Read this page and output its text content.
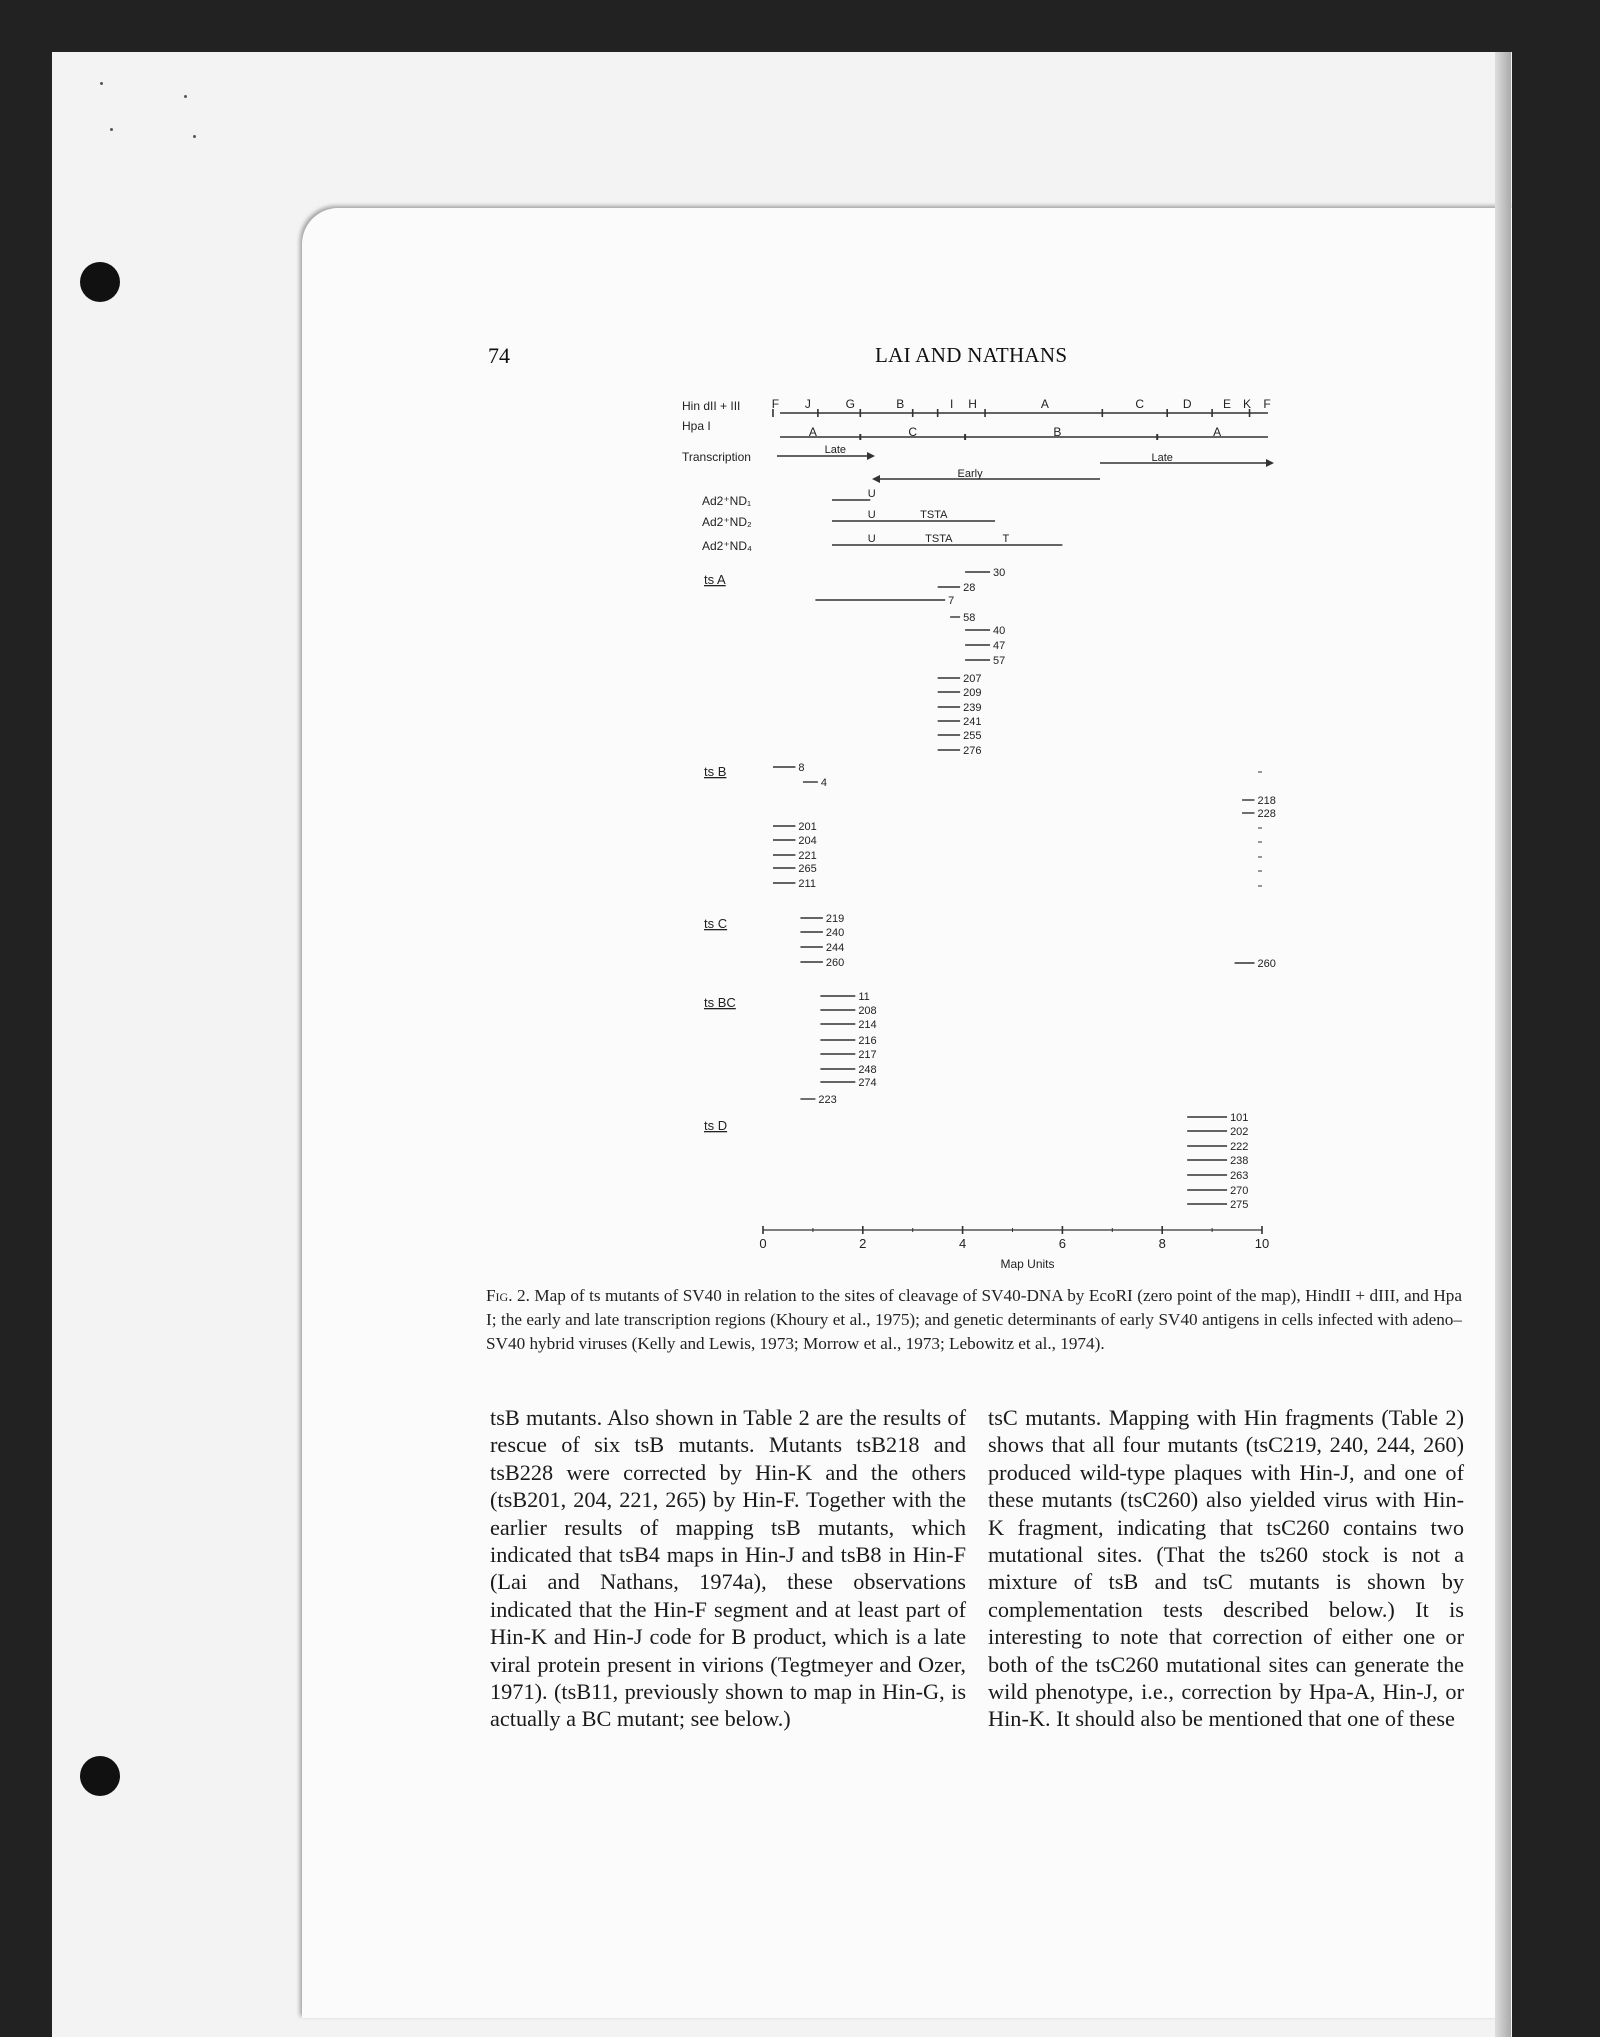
74	LAI AND NATHANS
Hin dII + III	F J	G	B	I H	A	C	D	E K F
Hpa I	A	C	B	A
Transcription	Late
Early
Late
Ad2⁺ND₁	U
Ad2⁺ND₂	U	TSTA
Ad2⁺ND₄	U	TSTA	T
ts A	30
28
7
58
40
47
57
207
209
239
241
255
276
ts B	8
4
218
228
201
204
221
265
211
ts C	219
240
244
260	260
ts BC	11
208
214
216
217
248
274
223
ts D	101
202
222
238
263
270
275
0	2	4	6	8	10
Map Units
Fig. 2. Map of ts mutants of SV40 in relation to the sites of cleavage of SV40-DNA by EcoRI (zero point of the map), HindII + dIII, and Hpa I; the early and late transcription regions (Khoury et al., 1975); and genetic determinants of early SV40 antigens in cells infected with adeno–SV40 hybrid viruses (Kelly and Lewis, 1973; Morrow et al., 1973; Lebowitz et al., 1974).

tsB mutants. Also shown in Table 2 are the results of rescue of six tsB mutants. Mutants tsB218 and tsB228 were corrected by Hin-K and the others (tsB201, 204, 221, 265) by Hin-F. Together with the earlier results of mapping tsB mutants, which indicated that tsB4 maps in Hin-J and tsB8 in Hin-F (Lai and Nathans, 1974a), these observations indicated that the Hin-F segment and at least part of Hin-K and Hin-J code for B product, which is a late viral protein present in virions (Tegtmeyer and Ozer, 1971). (tsB11, previously shown to map in Hin-G, is actually a BC mutant; see below.)

tsC mutants. Mapping with Hin fragments (Table 2) shows that all four mutants (tsC219, 240, 244, 260) produced wild-type plaques with Hin-J, and one of these mutants (tsC260) also yielded virus with Hin-K fragment, indicating that tsC260 contains two mutational sites. (That the ts260 stock is not a mixture of tsB and tsC mutants is shown by complementation tests described below.) It is interesting to note that correction of either one or both of the tsC260 mutational sites can generate the wild phenotype, i.e., correction by Hpa-A, Hin-J, or Hin-K. It should also be mentioned that one of these
